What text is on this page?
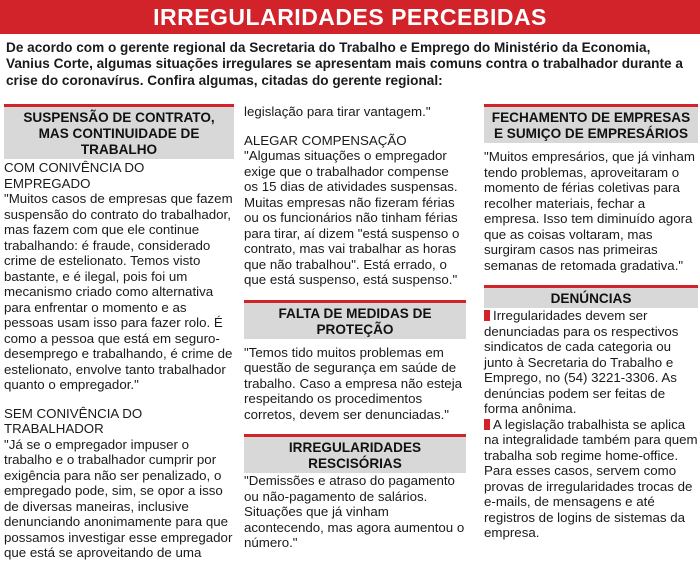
IRREGULARIDADES PERCEBIDAS
De acordo com o gerente regional da Secretaria do Trabalho e Emprego do Ministério da Economia, Vanius Corte, algumas situações irregulares se apresentam mais comuns contra o trabalhador durante a crise do coronavírus. Confira algumas, citadas do gerente regional:
SUSPENSÃO DE CONTRATO, MAS CONTINUIDADE DE TRABALHO
COM CONIVÊNCIA DO EMPREGADO
"Muitos casos de empresas que fazem suspensão do contrato do trabalhador, mas fazem com que ele continue trabalhando: é fraude, considerado crime de estelionato. Temos visto bastante, e é ilegal, pois foi um mecanismo criado como alternativa para enfrentar o momento e as pessoas usam isso para fazer rolo. É como a pessoa que está em seguro-desemprego e trabalhando, é crime de estelionato, envolve tanto trabalhador quanto o empregador."
SEM CONIVÊNCIA DO TRABALHADOR
"Já se o empregador impuser o trabalho e o trabalhador cumprir por exigência para não ser penalizado, o empregado pode, sim, se opor a isso de diversas maneiras, inclusive denunciando anonimamente para que possamos investigar esse empregador que está se aproveitando de uma
legislação para tirar vantagem."
ALEGAR COMPENSAÇÃO
"Algumas situações o empregador exige que o trabalhador compense os 15 dias de atividades suspensas. Muitas empresas não fizeram férias ou os funcionários não tinham férias para tirar, aí dizem "está suspenso o contrato, mas vai trabalhar as horas que não trabalhou". Está errado, o que está suspenso, está suspenso."
FALTA DE MEDIDAS DE PROTEÇÃO
"Temos tido muitos problemas em questão de segurança em saúde de trabalho. Caso a empresa não esteja respeitando os procedimentos corretos, devem ser denunciadas."
IRREGULARIDADES RESCISÓRIAS
"Demissões e atraso do pagamento ou não-pagamento de salários. Situações que já vinham acontecendo, mas agora aumentou o número."
FECHAMENTO DE EMPRESAS E SUMIÇO DE EMPRESÁRIOS
"Muitos empresários, que já vinham tendo problemas, aproveitaram o momento de férias coletivas para recolher materiais, fechar a empresa. Isso tem diminuído agora que as coisas voltaram, mas surgiram casos nas primeiras semanas de retomada gradativa."
DENÚNCIAS
Irregularidades devem ser denunciadas para os respectivos sindicatos de cada categoria ou junto à Secretaria do Trabalho e Emprego, no (54) 3221-3306. As denúncias podem ser feitas de forma anônima.
A legislação trabalhista se aplica na integralidade também para quem trabalha sob regime home-office. Para esses casos, servem como provas de irregularidades trocas de e-mails, de mensagens e até registros de logins de sistemas da empresa.
